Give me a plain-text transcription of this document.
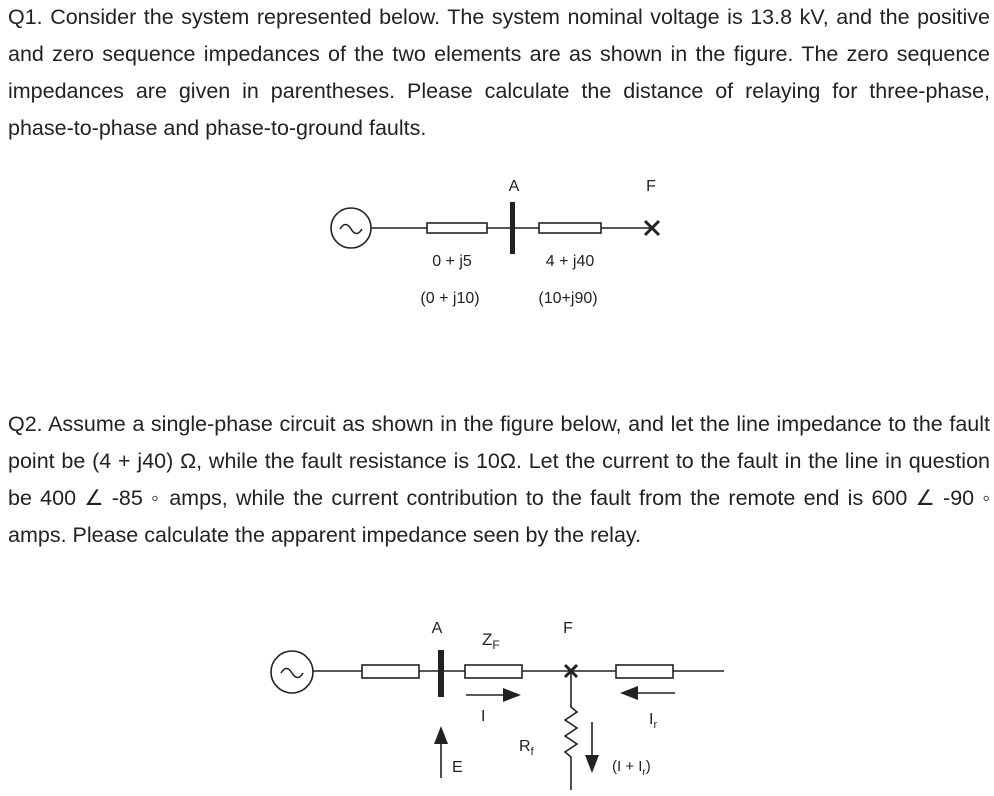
Q1. Consider the system represented below. The system nominal voltage is 13.8 kV, and the positive and zero sequence impedances of the two elements are as shown in the figure. The zero sequence impedances are given in parentheses. Please calculate the distance of relaying for three-phase, phase-to-phase and phase-to-ground faults.
Q2. Assume a single-phase circuit as shown in the figure below, and let the line impedance to the fault point be (4 + j40) Ω, while the fault resistance is 10Ω. Let the current to the fault in the line in question be 400 ∠ -85 ◦ amps, while the current contribution to the fault from the remote end is 600 ∠ -90 ◦ amps. Please calculate the apparent impedance seen by the relay.
A	F
0 + j5
(0 + j10)
4 + j40
(10+j90)
A	F
$Z_F$
I	$I_r$
E
$R_f$
$(I + I_r)$
